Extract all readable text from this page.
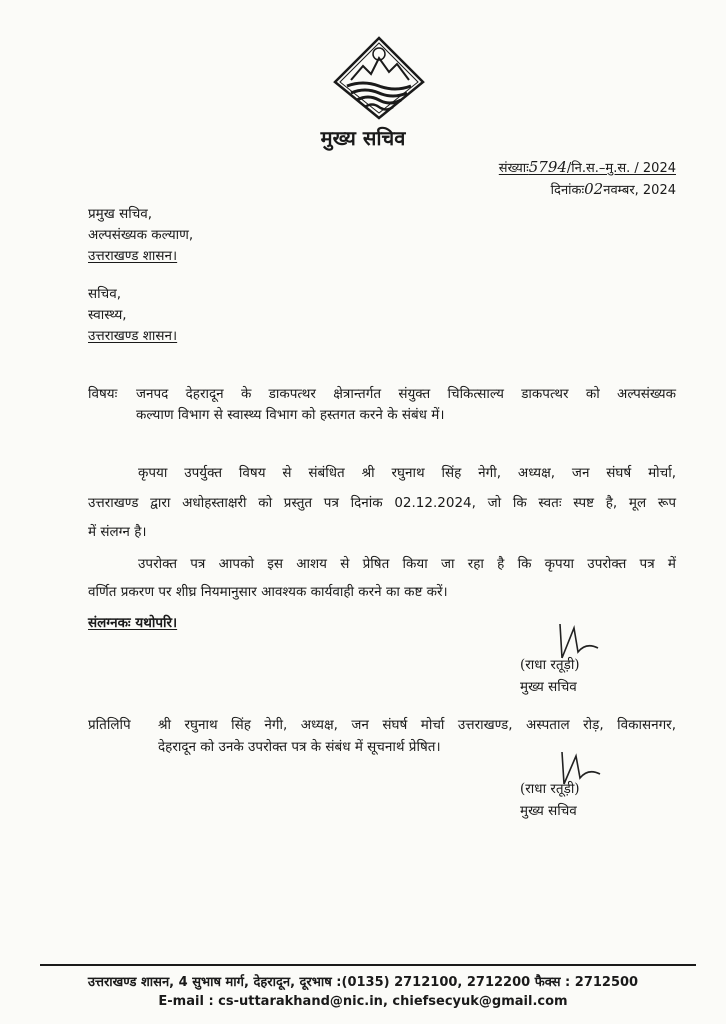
मुख्य सचिव
संख्याः5794/नि.स.–मु.स. / 2024
दिनांकः02नवम्बर, 2024
प्रमुख सचिव,
अल्पसंख्यक कल्याण,
उत्तराखण्ड शासन।
सचिव,
स्वास्थ्य,
उत्तराखण्ड शासन।
विषयः जनपद देहरादून के डाकपत्थर क्षेत्रान्तर्गत संयुक्त चिकित्साल्य डाकपत्थर को अल्पसंख्यक
कल्याण विभाग से स्वास्थ्य विभाग को हस्तगत करने के संबंध में।
कृपया उपर्युक्त विषय से संबंधित श्री रघुनाथ सिंह नेगी, अध्यक्ष, जन संघर्ष मोर्चा,
उत्तराखण्ड द्वारा अधोहस्ताक्षरी को प्रस्तुत पत्र दिनांक 02.12.2024, जो कि स्वतः स्पष्ट है, मूल रूप
में संलग्न है।
उपरोक्त पत्र आपको इस आशय से प्रेषित किया जा रहा है कि कृपया उपरोक्त पत्र में
वर्णित प्रकरण पर शीघ्र नियमानुसार आवश्यक कार्यवाही करने का कष्ट करें।
संलग्नकः यथोपरि।
(राधा रतूड़ी)
मुख्य सचिव
प्रतिलिपि श्री रघुनाथ सिंह नेगी, अध्यक्ष, जन संघर्ष मोर्चा उत्तराखण्ड, अस्पताल रोड़, विकासनगर,
देहरादून को उनके उपरोक्त पत्र के संबंध में सूचनार्थ प्रेषित।
(राधा रतूड़ी)
मुख्य सचिव
उत्तराखण्ड शासन, 4 सुभाष मार्ग, देहरादून, दूरभाष :(0135) 2712100, 2712200 फैक्स : 2712500
E-mail : cs-uttarakhand@nic.in, chiefsecyuk@gmail.com
